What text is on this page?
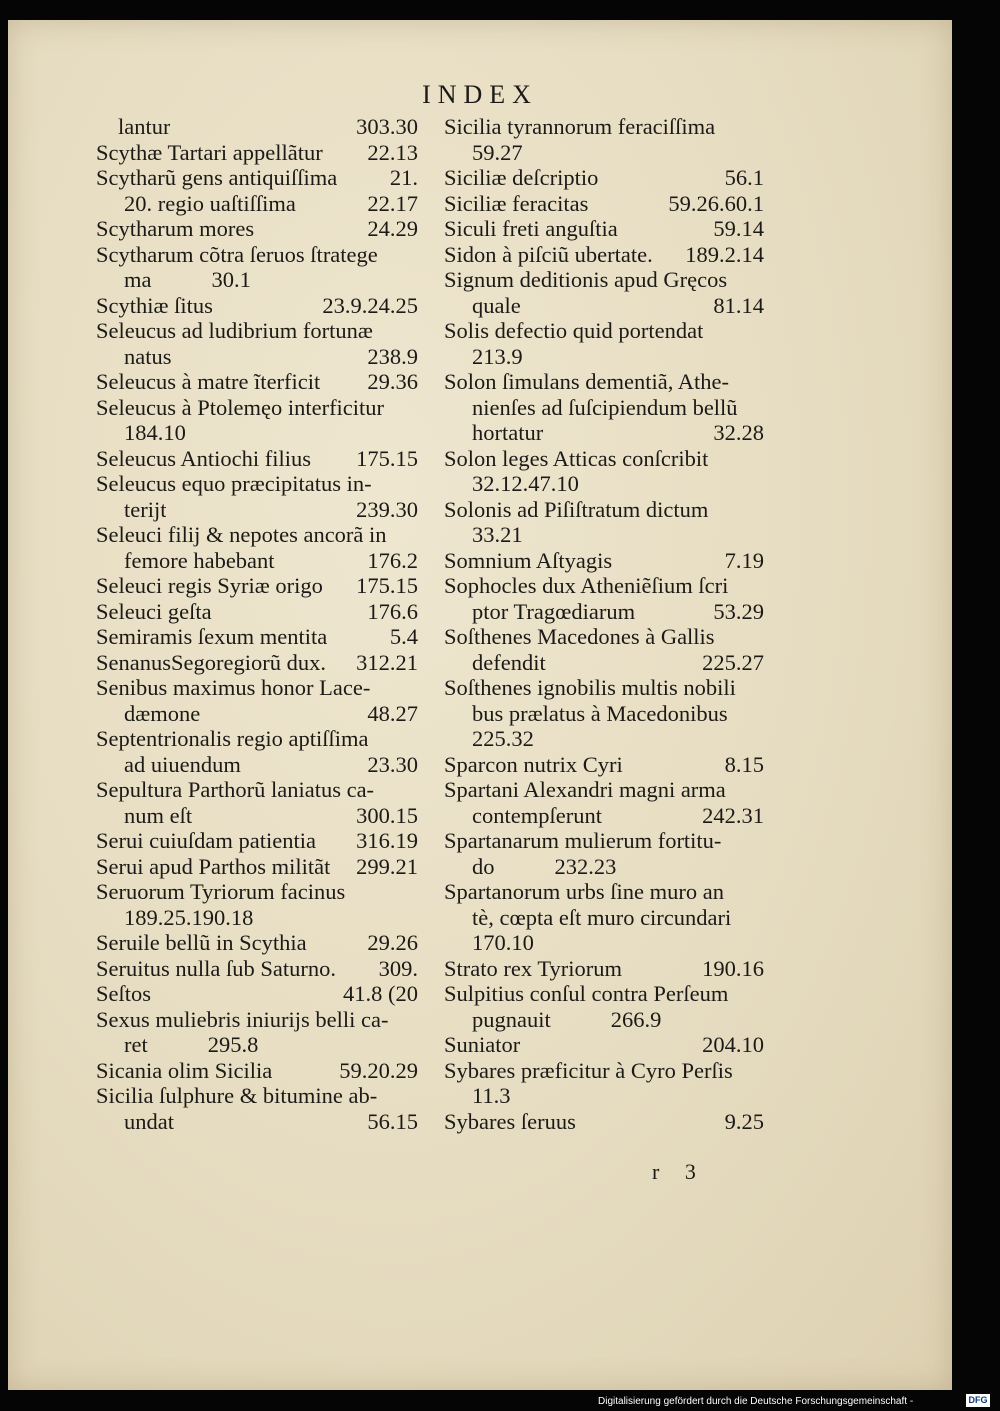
INDEX
lantur	303.30
Scythæ Tartari appellãtur 22.13
Scytharũ gens antiquiſſima 21.
20. regio uaſtiſſima	22.17
Scytharum mores	24.29
Scytharum cõtra ſeruos ſtratege
ma	30.1
Scythiæ ſitus	23.9.24.25
Seleucus ad ludibrium fortunæ
natus	238.9
Seleucus à matre ĩterficit 29.36
Seleucus à Ptolemęo interficitur
184.10
Seleucus Antiochi filius 175.15
Seleucus equo præcipitatus in‑
terijt	239.30
Seleuci filij & nepotes ancorã in
femore habebant	176.2
Seleuci regis Syriæ origo 175.15
Seleuci geſta	176.6
Semiramis ſexum mentita	5.4
SenanusSegoregiorũ dux. 312.21
Senibus maximus honor Lace‑
dæmone	48.27
Septentrionalis regio aptiſſima
ad uiuendum	23.30
Sepultura Parthorũ laniatus ca‑
num eſt	300.15
Serui cuiuſdam patientia 316.19
Serui apud Parthos militãt 299.21
Seruorum Tyriorum facinus
189.25.190.18
Seruile bellũ in Scythia	29.26
Seruitus nulla ſub Saturno. 309.
Seſtos	41.8 (20
Sexus muliebris iniurijs belli ca‑
ret	295.8
Sicania olim Sicilia	59.20.29
Sicilia ſulphure & bitumine ab‑
undat	56.15
Sicilia tyrannorum feraciſſima
59.27
Siciliæ deſcriptio	56.1
Siciliæ feracitas	59.26.60.1
Siculi freti anguſtia	59.14
Sidon à piſciũ ubertate. 189.2.14
Signum deditionis apud Gręcos
quale	81.14
Solis defectio quid portendat
213.9
Solon ſimulans dementiã, Athe‑
nienſes ad ſuſcipiendum bellũ
hortatur	32.28
Solon leges Atticas conſcribit
32.12.47.10
Solonis ad Piſiſtratum dictum
33.21
Somnium Aſtyagis	7.19
Sophocles dux Atheniẽſium ſcri
ptor Tragœdiarum	53.29
Soſthenes Macedones à Gallis
defendit	225.27
Soſthenes ignobilis multis nobili
bus prælatus à Macedonibus
225.32
Sparcon nutrix Cyri	8.15
Spartani Alexandri magni arma
contempſerunt	242.31
Spartanarum mulierum fortitu‑
do	232.23
Spartanorum urbs ſine muro an
tè, cœpta eſt muro circundari
170.10
Strato rex Tyriorum	190.16
Sulpitius conſul contra Perſeum
pugnauit	266.9
Suniator	204.10
Sybares præficitur à Cyro Perſis
11.3
Sybares ſeruus	9.25
r 3
Digitalisierung gefördert durch die Deutsche Forschungsgemeinschaft -	DFG
